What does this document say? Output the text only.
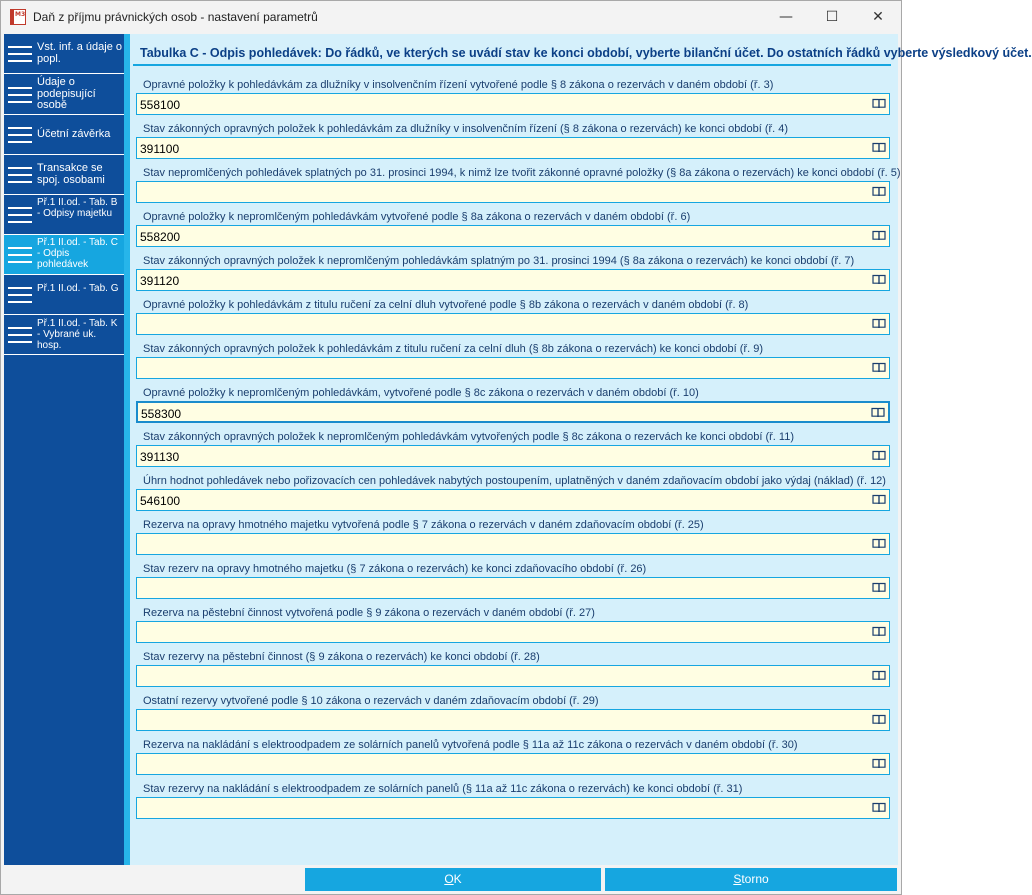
M3 Daň z příjmu právnických osob - nastavení parametrů	— ☐ ✕
Vst. inf. a údaje o popl.
Údaje o podepisující osobě
Účetní závěrka
Transakce se spoj. osobami
Př.1 II.od. - Tab. B - Odpisy majetku
Př.1 II.od. - Tab. C - Odpis pohledávek
Př.1 II.od. - Tab. G
Př.1 II.od. - Tab. K - Vybrané uk. hosp.
Tabulka C - Odpis pohledávek: Do řádků, ve kterých se uvádí stav ke konci období, vyberte bilanční účet. Do ostatních řádků vyberte výsledkový účet.
Opravné položky k pohledávkám za dlužníky v insolvenčním řízení vytvořené podle § 8 zákona o rezervách v daném období (ř. 3)
558100
Stav zákonných opravných položek k pohledávkám za dlužníky v insolvenčním řízení (§ 8 zákona o rezervách) ke konci období (ř. 4)
391100
Stav nepromlčených pohledávek splatných po 31. prosinci 1994, k nimž lze tvořit zákonné opravné položky (§ 8a zákona o rezervách) ke konci období (ř. 5)
Opravné položky k nepromlčeným pohledávkám vytvořené podle § 8a zákona o rezervách v daném období (ř. 6)
558200
Stav zákonných opravných položek k nepromlčeným pohledávkám splatným po 31. prosinci 1994 (§ 8a zákona o rezervách) ke konci období (ř. 7)
391120
Opravné položky k pohledávkám z titulu ručení za celní dluh vytvořené podle § 8b zákona o rezervách v daném období (ř. 8)
Stav zákonných opravných položek k pohledávkám z titulu ručení za celní dluh (§ 8b zákona o rezervách) ke konci období (ř. 9)
Opravné položky k nepromlčeným pohledávkám, vytvořené podle § 8c zákona o rezervách v daném období (ř. 10)
558300
Stav zákonných opravných položek k nepromlčeným pohledávkám vytvořených podle § 8c zákona o rezervách ke konci období (ř. 11)
391130
Úhrn hodnot pohledávek nebo pořizovacích cen pohledávek nabytých postoupením, uplatněných v daném zdaňovacím období jako výdaj (náklad) (ř. 12)
546100
Rezerva na opravy hmotného majetku vytvořená podle § 7 zákona o rezervách v daném zdaňovacím období (ř. 25)
Stav rezerv na opravy hmotného majetku (§ 7 zákona o rezervách) ke konci zdaňovacího období (ř. 26)
Rezerva na pěstební činnost vytvořená podle § 9 zákona o rezervách v daném období (ř. 27)
Stav rezervy na pěstební činnost (§ 9 zákona o rezervách) ke konci období (ř. 28)
Ostatní rezervy vytvořené podle § 10 zákona o rezervách v daném zdaňovacím období (ř. 29)
Rezerva na nakládání s elektroodpadem ze solárních panelů vytvořená podle § 11a až 11c zákona o rezervách v daném období (ř. 30)
Stav rezervy na nakládání s elektroodpadem ze solárních panelů (§ 11a až 11c zákona o rezervách) ke konci období (ř. 31)
OK	Storno
